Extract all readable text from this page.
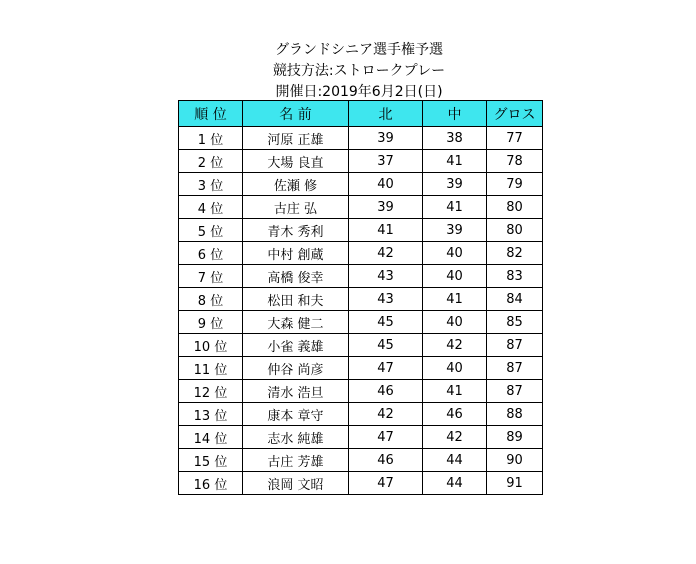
グランドシニア選手権予選
競技方法:ストロークプレー
開催日:2019年6月2日(日)
順 位	名 前	北	中	グロス
1 位	河原 正雄	39	38	77
2 位	大場 良直	37	41	78
3 位	佐瀬 修	40	39	79
4 位	古庄 弘	39	41	80
5 位	青木 秀利	41	39	80
6 位	中村 創蔵	42	40	82
7 位	高橋 俊幸	43	40	83
8 位	松田 和夫	43	41	84
9 位	大森 健二	45	40	85
10 位	小雀 義雄	45	42	87
11 位	仲谷 尚彦	47	40	87
12 位	清水 浩旦	46	41	87
13 位	康本 章守	42	46	88
14 位	志水 純雄	47	42	89
15 位	古庄 芳雄	46	44	90
16 位	浪岡 文昭	47	44	91
